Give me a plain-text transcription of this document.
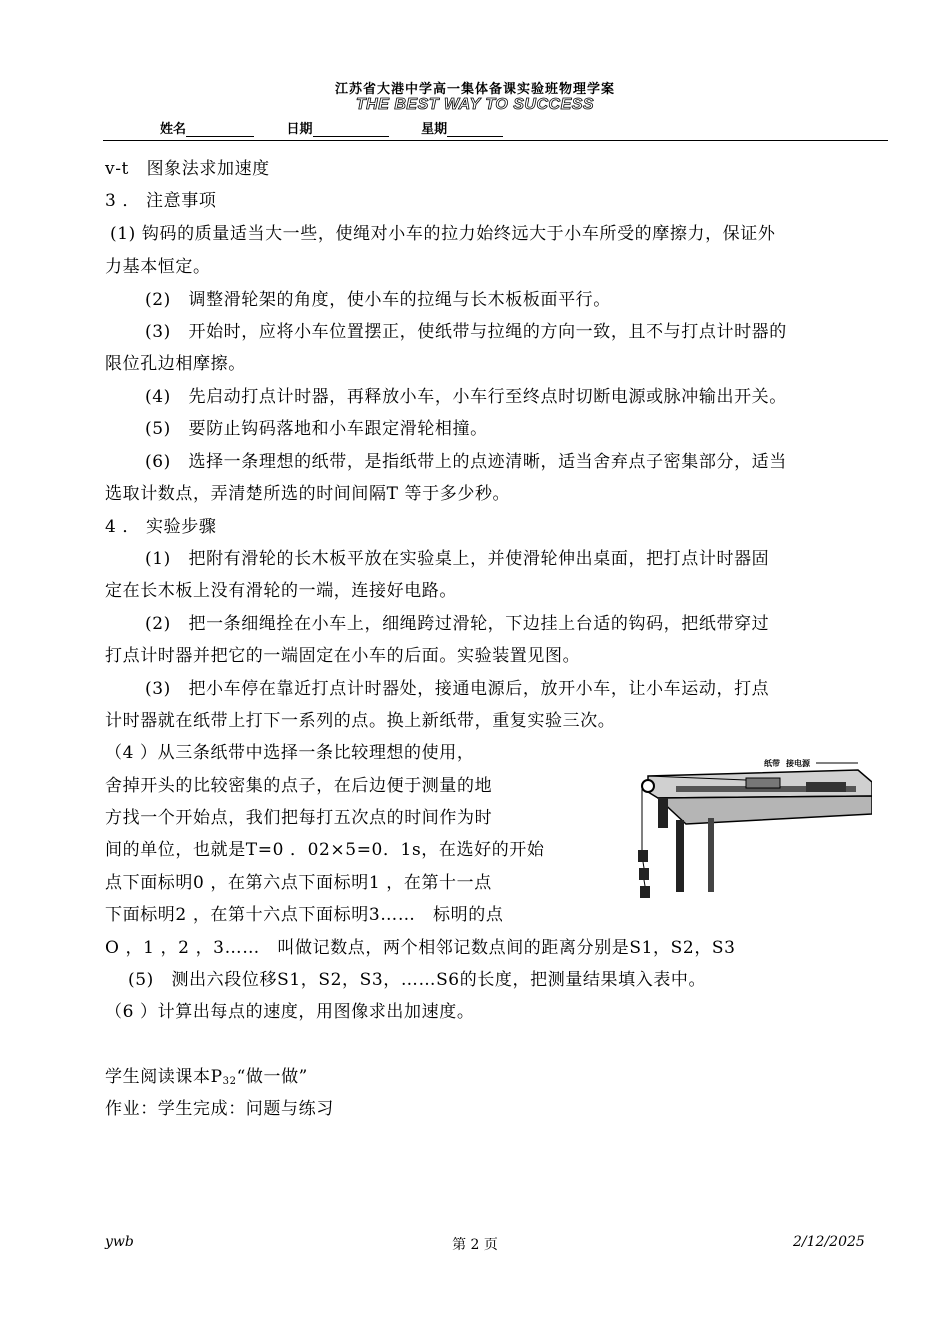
江苏省大港中学高一集体备课实验班物理学案
THE BEST WAY TO SUCCESS
姓名	日期	星期
v-t　图象法求加速度
3 ． 注意事项
(1) 钩码的质量适当大一些，使绳对小车的拉力始终远大于小车所受的摩擦力，保证外
力基本恒定。
(2)　调整滑轮架的角度，使小车的拉绳与长木板板面平行。
(3)　开始时，应将小车位置摆正，使纸带与拉绳的方向一致，且不与打点计时器的
限位孔边相摩擦。
(4)　先启动打点计时器，再释放小车，小车行至终点时切断电源或脉冲输出开关。
(5)　要防止钩码落地和小车跟定滑轮相撞。
(6)　选择一条理想的纸带，是指纸带上的点迹清晰，适当舍弃点子密集部分，适当
选取计数点，弄清楚所选的时间间隔T 等于多少秒。
4 ． 实验步骤
(1)　把附有滑轮的长木板平放在实验桌上，并使滑轮伸出桌面，把打点计时器固
定在长木板上没有滑轮的一端，连接好电路。
(2)　把一条细绳拴在小车上，细绳跨过滑轮，下边挂上台适的钩码，把纸带穿过
打点计时器并把它的一端固定在小车的后面。实验装置见图。
(3)　把小车停在靠近打点计时器处，接通电源后，放开小车，让小车运动，打点
计时器就在纸带上打下一系列的点。换上新纸带，重复实验三次。
（4 ）从三条纸带中选择一条比较理想的使用，
舍掉开头的比较密集的点子，在后边便于测量的地
方找一个开始点，我们把每打五次点的时间作为时
间的单位，也就是T=0 ．02×5=0．1s，在选好的开始
点下面标明0 ，在第六点下面标明1 ，在第十一点
下面标明2 ，在第十六点下面标明3……　标明的点
O ，1 ，2 ，3……　叫做记数点，两个相邻记数点间的距离分别是S1，S2，S3
(5)　测出六段位移S1，S2，S3，……S6的长度，把测量结果填入表中。
（6 ）计算出每点的速度，用图像求出加速度。
学生阅读课本$P_{32}“$做一做”
作业：学生完成：问题与练习
纸带 接电源
ywb	第 2 页	2/12/2025
